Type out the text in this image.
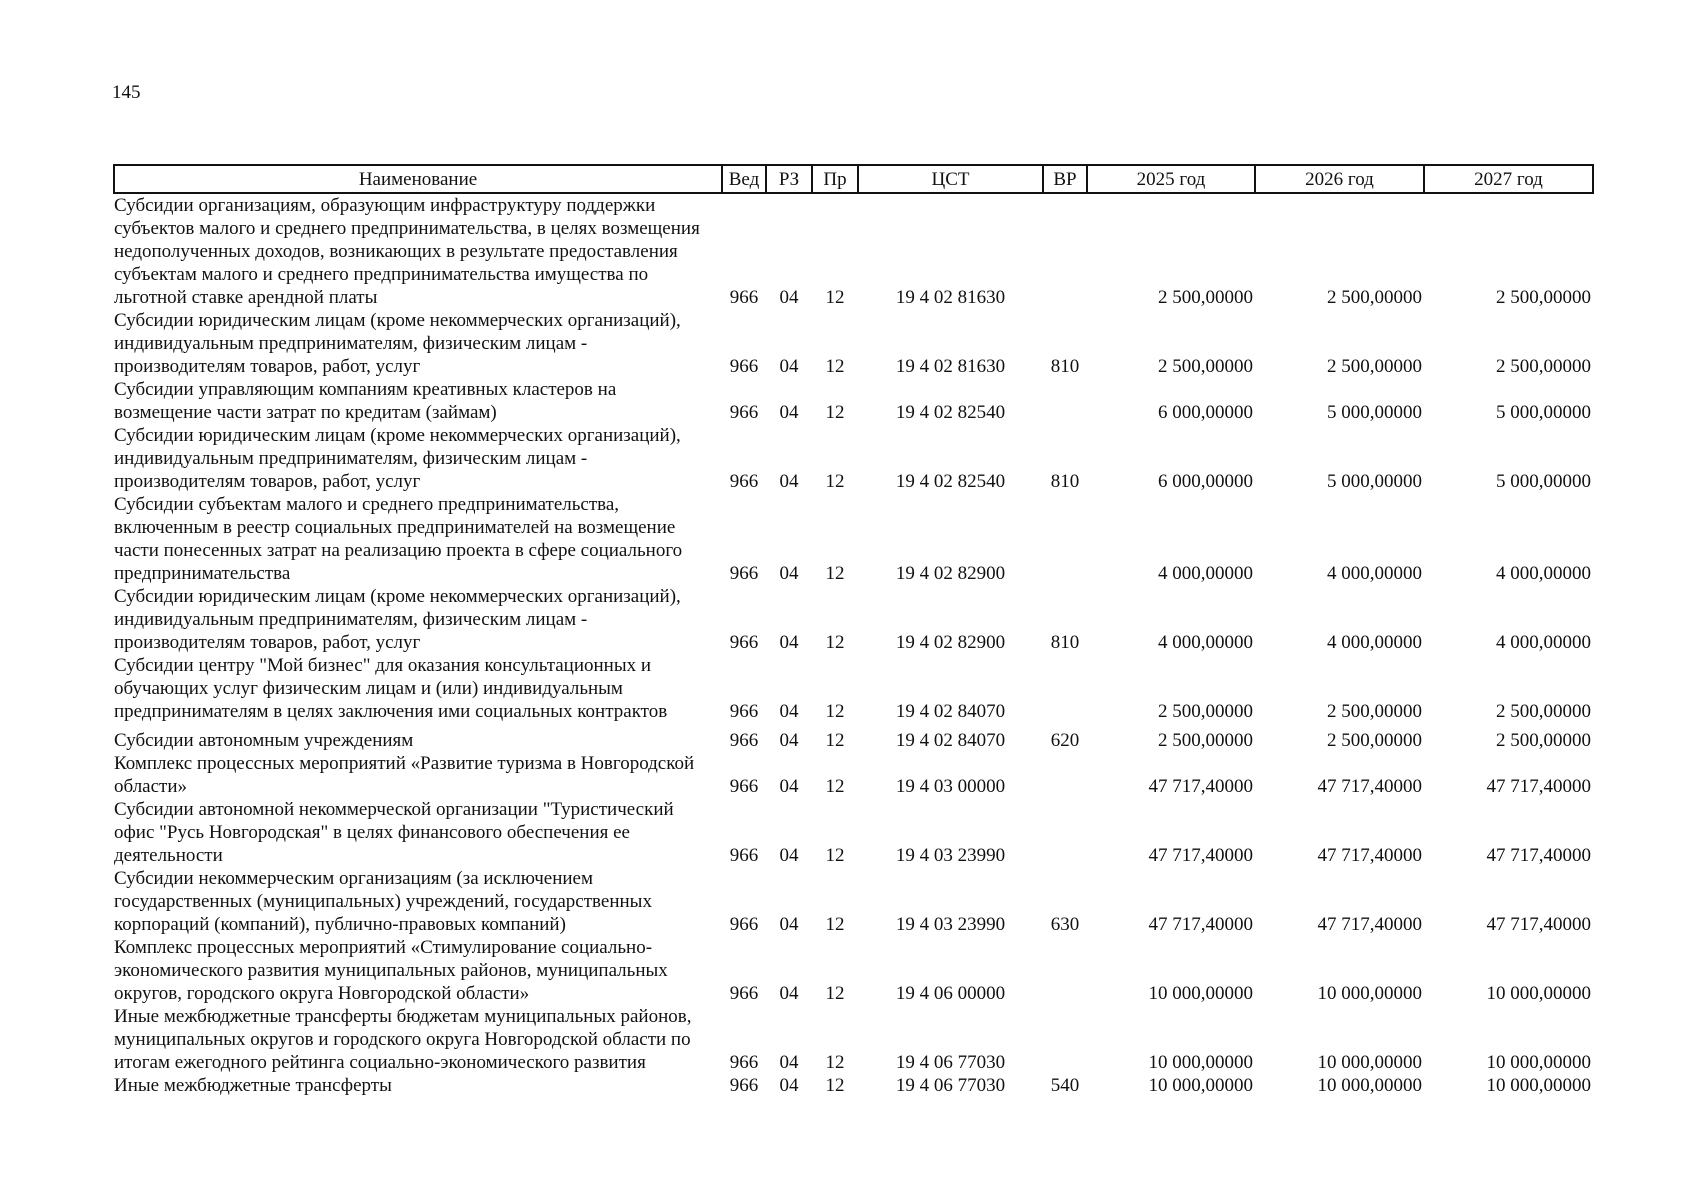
145
Наименование	Вед	РЗ	Пр	ЦСТ	ВР	2025 год	2026 год	2027 год
Субсидии организациям, образующим инфраструктуру поддержки субъектов малого и среднего предпринимательства, в целях возмещения недополученных доходов, возникающих в результате предоставления субъектам малого и среднего предпринимательства имущества по льготной ставке арендной платы	966	04	12	19 4 02 81630		2 500,00000	2 500,00000	2 500,00000
Субсидии юридическим лицам (кроме некоммерческих организаций), индивидуальным предпринимателям, физическим лицам - производителям товаров, работ, услуг	966	04	12	19 4 02 81630	810	2 500,00000	2 500,00000	2 500,00000
Субсидии управляющим компаниям креативных кластеров на возмещение части затрат по кредитам (займам)	966	04	12	19 4 02 82540		6 000,00000	5 000,00000	5 000,00000
Субсидии юридическим лицам (кроме некоммерческих организаций), индивидуальным предпринимателям, физическим лицам - производителям товаров, работ, услуг	966	04	12	19 4 02 82540	810	6 000,00000	5 000,00000	5 000,00000
Субсидии субъектам малого и среднего предпринимательства, включенным в реестр социальных предпринимателей на возмещение части понесенных затрат на реализацию проекта в сфере социального предпринимательства	966	04	12	19 4 02 82900		4 000,00000	4 000,00000	4 000,00000
Субсидии юридическим лицам (кроме некоммерческих организаций), индивидуальным предпринимателям, физическим лицам - производителям товаров, работ, услуг	966	04	12	19 4 02 82900	810	4 000,00000	4 000,00000	4 000,00000
Субсидии центру "Мой бизнес" для оказания консультационных и обучающих услуг физическим лицам и (или) индивидуальным предпринимателям в целях заключения ими социальных контрактов	966	04	12	19 4 02 84070		2 500,00000	2 500,00000	2 500,00000
Субсидии автономным учреждениям	966	04	12	19 4 02 84070	620	2 500,00000	2 500,00000	2 500,00000
Комплекс процессных мероприятий «Развитие туризма в Новгородской области»	966	04	12	19 4 03 00000		47 717,40000	47 717,40000	47 717,40000
Субсидии автономной некоммерческой организации "Туристический офис "Русь Новгородская" в целях финансового обеспечения ее деятельности	966	04	12	19 4 03 23990		47 717,40000	47 717,40000	47 717,40000
Субсидии некоммерческим организациям (за исключением государственных (муниципальных) учреждений, государственных корпораций (компаний), публично-правовых компаний)	966	04	12	19 4 03 23990	630	47 717,40000	47 717,40000	47 717,40000
Комплекс процессных мероприятий «Стимулирование социально-экономического развития муниципальных районов, муниципальных округов, городского округа Новгородской области»	966	04	12	19 4 06 00000		10 000,00000	10 000,00000	10 000,00000
Иные межбюджетные трансферты бюджетам муниципальных районов, муниципальных округов и городского округа Новгородской области по итогам ежегодного рейтинга социально-экономического развития	966	04	12	19 4 06 77030		10 000,00000	10 000,00000	10 000,00000
Иные межбюджетные трансферты	966	04	12	19 4 06 77030	540	10 000,00000	10 000,00000	10 000,00000
